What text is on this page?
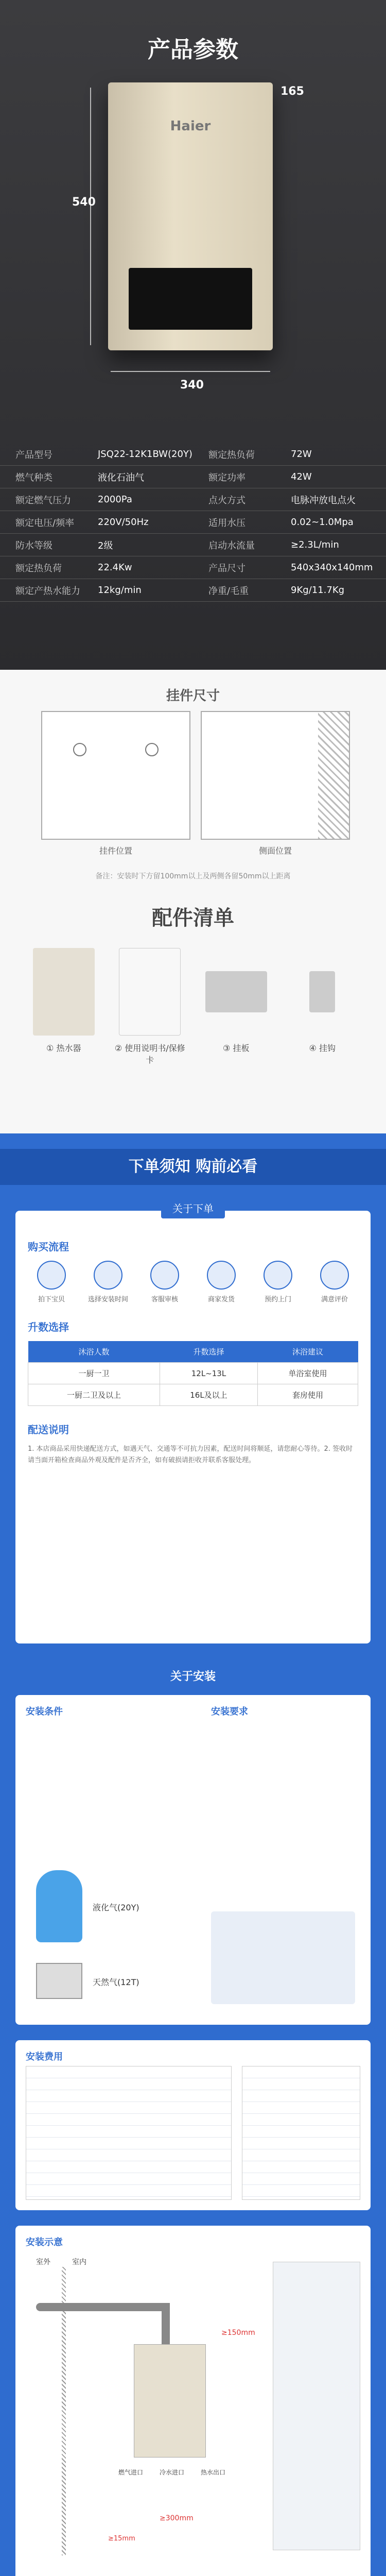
产品参数
540
165
Haier
340
产品型号	JSQ22-12K1BW(20Y)	额定热负荷	72W
燃气种类	液化石油气	额定功率	42W
额定燃气压力	2000Pa	点火方式	电脉冲放电点火
额定电压/频率	220V/50Hz	适用水压	0.02~1.0Mpa
防水等级	2级	启动水流量	≥2.3L/min
额定热负荷	22.4Kw	产品尺寸	540x340x140mm
额定产热水能力	12kg/min	净重/毛重	9Kg/11.7Kg
挂件尺寸
挂件位置	侧面位置
备注：安装时下方留100mm以上及两侧各留50mm以上距离
配件清单
① 热水器	② 使用说明书/保修卡
③ 挂板	④ 挂钩
下单须知 购前必看
关于下单
购买流程
拍下宝贝	选择安装时间	客服审核	商家发货	预约上门	满意评价
升数选择
沐浴人数	升数选择	沐浴建议
一厨一卫	12L~13L	单浴室使用
一厨二卫及以上	16L及以上	套房使用
配送说明
1. 本店商品采用快递配送方式，如遇天气、交通等不可抗力因素，配送时间将顺延，请您耐心等待。2. 签收时请当面开箱检查商品外观及配件是否齐全，如有破损请拒收并联系客服处理。
关于安装
安装条件	安装要求
液化气(20Y)
天然气(12T)
安装费用
安装示意
室外	室内
≥150mm
≥300mm
≥15mm
燃气进口	冷水进口	热水出口
